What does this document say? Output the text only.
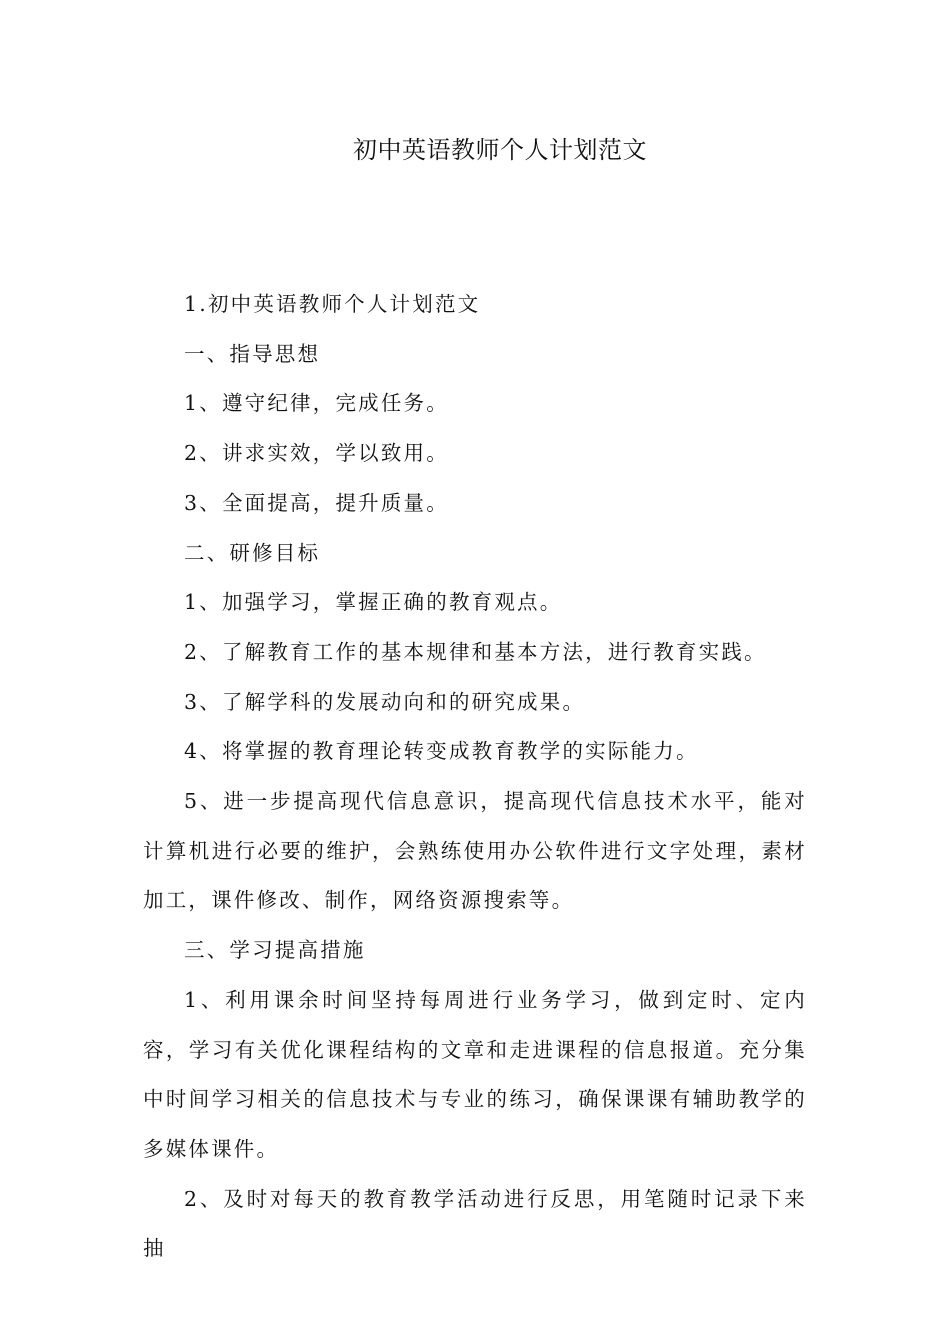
初中英语教师个人计划范文

1.初中英语教师个人计划范文

一、指导思想

1、遵守纪律，完成任务。

2、讲求实效，学以致用。

3、全面提高，提升质量。

二、研修目标

1、加强学习，掌握正确的教育观点。

2、了解教育工作的基本规律和基本方法，进行教育实践。

3、了解学科的发展动向和的研究成果。

4、将掌握的教育理论转变成教育教学的实际能力。

5、进一步提高现代信息意识，提高现代信息技术水平，能对计算机进行必要的维护，会熟练使用办公软件进行文字处理，素材加工，课件修改、制作，网络资源搜索等。

三、学习提高措施

1、利用课余时间坚持每周进行业务学习，做到定时、定内容，学习有关优化课程结构的文章和走进课程的信息报道。充分集中时间学习相关的信息技术与专业的练习，确保课课有辅助教学的多媒体课件。

2、及时对每天的教育教学活动进行反思，用笔随时记录下来抽
